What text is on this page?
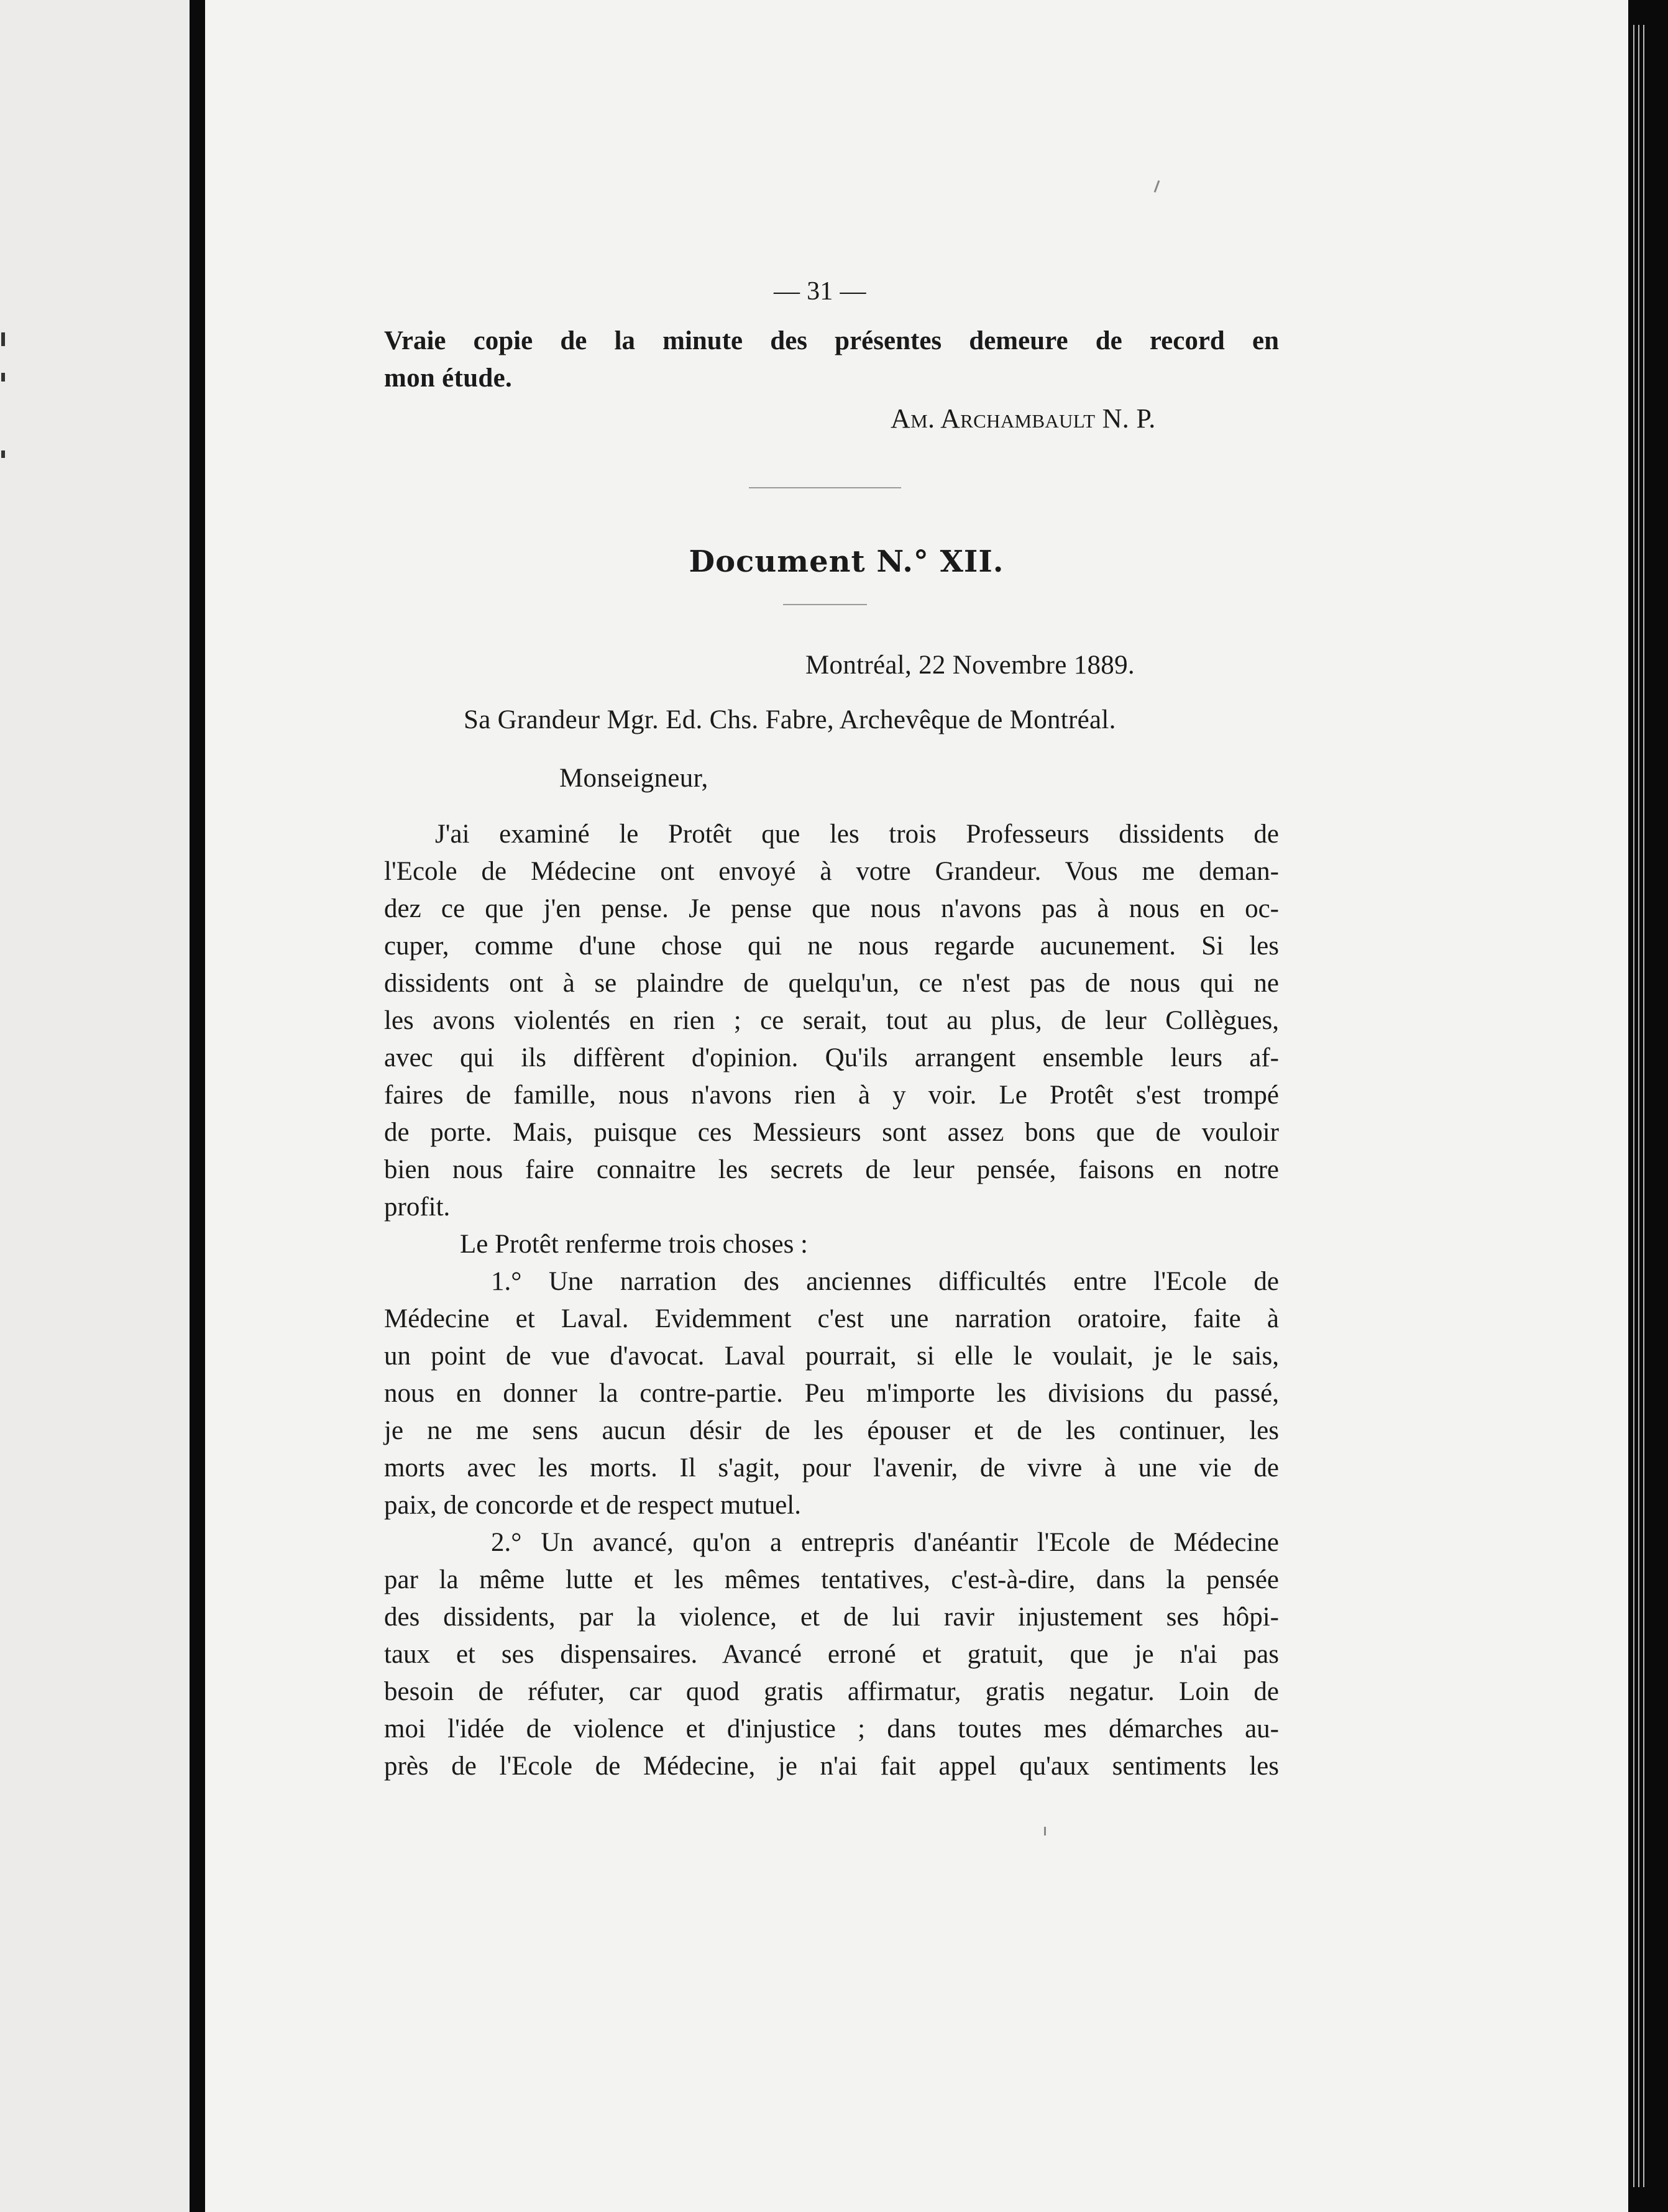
— 31 —
Vraie copie de la minute des présentes demeure de record en
mon étude.
Am. Archambault N. P.
Document N.° XII.
Montréal, 22 Novembre 1889.
Sa Grandeur Mgr. Ed. Chs. Fabre, Archevêque de Montréal.
Monseigneur,
J'ai examiné le Protêt que les trois Professeurs dissidents de
l'Ecole de Médecine ont envoyé à votre Grandeur. Vous me deman-
dez ce que j'en pense. Je pense que nous n'avons pas à nous en oc-
cuper, comme d'une chose qui ne nous regarde aucunement. Si les
dissidents ont à se plaindre de quelqu'un, ce n'est pas de nous qui ne
les avons violentés en rien ; ce serait, tout au plus, de leur Collègues,
avec qui ils diffèrent d'opinion. Qu'ils arrangent ensemble leurs af-
faires de famille, nous n'avons rien à y voir. Le Protêt s'est trompé
de porte. Mais, puisque ces Messieurs sont assez bons que de vouloir
bien nous faire connaitre les secrets de leur pensée, faisons en notre
profit.
Le Protêt renferme trois choses :
1.° Une narration des anciennes difficultés entre l'Ecole de
Médecine et Laval. Evidemment c'est une narration oratoire, faite à
un point de vue d'avocat. Laval pourrait, si elle le voulait, je le sais,
nous en donner la contre-partie. Peu m'importe les divisions du passé,
je ne me sens aucun désir de les épouser et de les continuer, les
morts avec les morts. Il s'agit, pour l'avenir, de vivre à une vie de
paix, de concorde et de respect mutuel.
2.° Un avancé, qu'on a entrepris d'anéantir l'Ecole de Médecine
par la même lutte et les mêmes tentatives, c'est-à-dire, dans la pensée
des dissidents, par la violence, et de lui ravir injustement ses hôpi-
taux et ses dispensaires. Avancé erroné et gratuit, que je n'ai pas
besoin de réfuter, car quod gratis affirmatur, gratis negatur. Loin de
moi l'idée de violence et d'injustice ; dans toutes mes démarches au-
près de l'Ecole de Médecine, je n'ai fait appel qu'aux sentiments les
